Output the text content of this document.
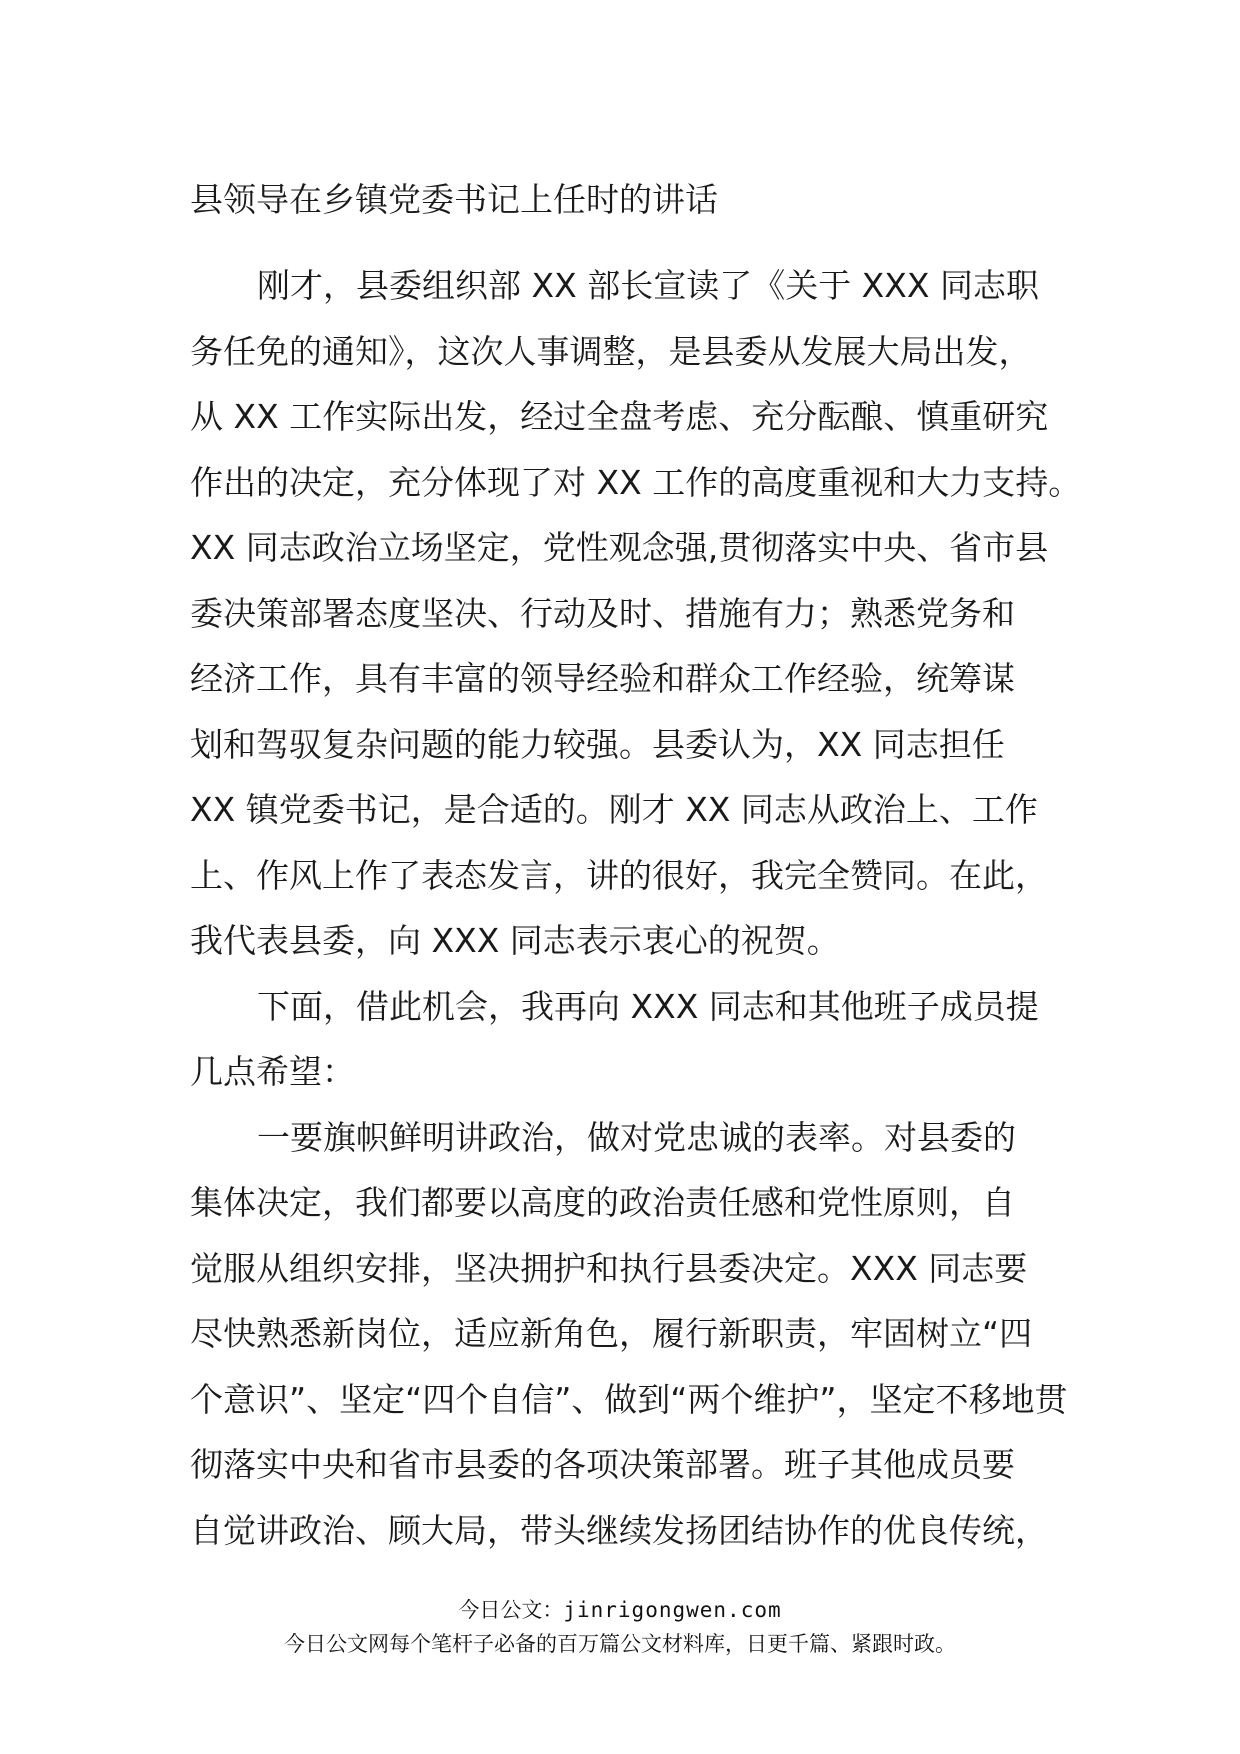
县领导在乡镇党委书记上任时的讲话
刚才，县委组织部 XX 部长宣读了《关于 XXX 同志职
务任免的通知》，这次人事调整，是县委从发展大局出发，
从 XX 工作实际出发，经过全盘考虑、充分酝酿、慎重研究
作出的决定，充分体现了对 XX 工作的高度重视和大力支持。
XX 同志政治立场坚定，党性观念强,贯彻落实中央、省市县
委决策部署态度坚决、行动及时、措施有力；熟悉党务和
经济工作，具有丰富的领导经验和群众工作经验，统筹谋
划和驾驭复杂问题的能力较强。县委认为，XX 同志担任
XX 镇党委书记，是合适的。刚才 XX 同志从政治上、工作
上、作风上作了表态发言，讲的很好，我完全赞同。在此，
我代表县委，向 XXX 同志表示衷心的祝贺。
下面，借此机会，我再向 XXX 同志和其他班子成员提
几点希望：
一要旗帜鲜明讲政治，做对党忠诚的表率。对县委的
集体决定，我们都要以高度的政治责任感和党性原则，自
觉服从组织安排，坚决拥护和执行县委决定。XXX 同志要
尽快熟悉新岗位，适应新角色，履行新职责，牢固树立“四
个意识”、坚定“四个自信”、做到“两个维护”，坚定不移地贯
彻落实中央和省市县委的各项决策部署。班子其他成员要
自觉讲政治、顾大局，带头继续发扬团结协作的优良传统，
今日公文：jinrigongwen.com
今日公文网每个笔杆子必备的百万篇公文材料库，日更千篇、紧跟时政。
